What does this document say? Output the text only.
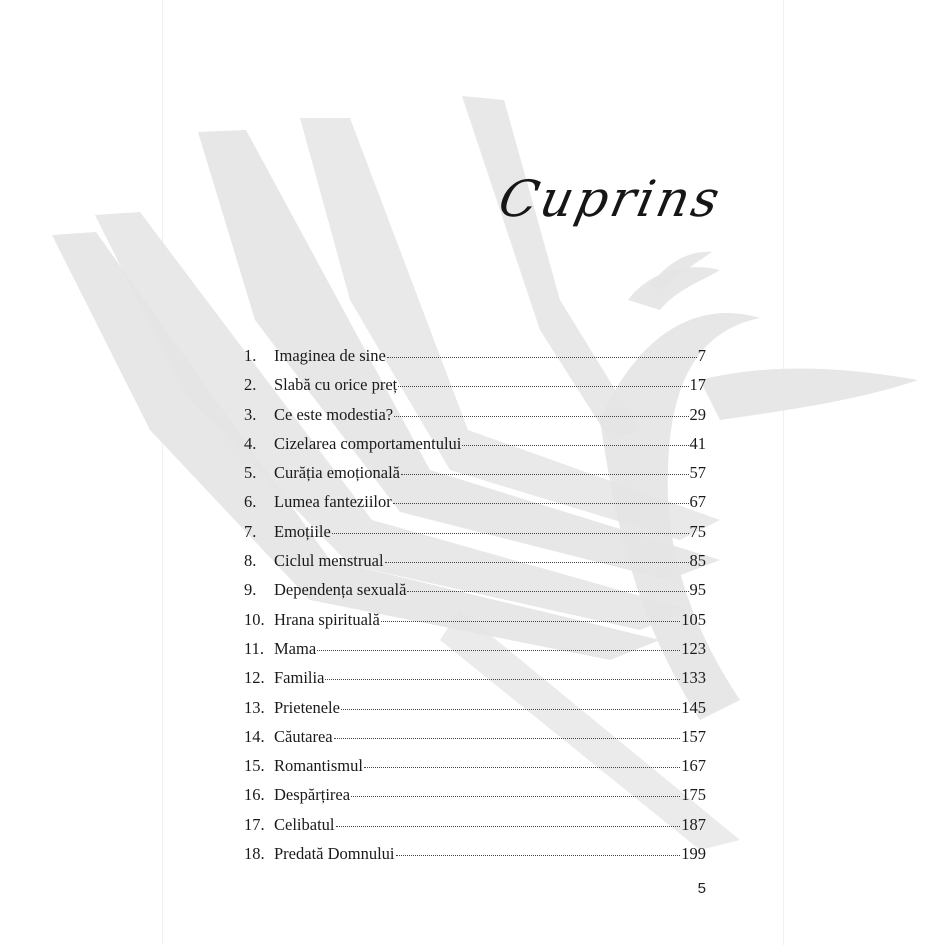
Cuprins
1.	Imaginea de sine	7
2.	Slabă cu orice preț	17
3.	Ce este modestia?	29
4.	Cizelarea comportamentului	41
5.	Curăția emoțională	57
6.	Lumea fanteziilor	67
7.	Emoțiile	75
8.	Ciclul menstrual	85
9.	Dependența sexuală	95
10. Hrana spirituală	105
11. Mama	123
12. Familia	133
13. Prietenele	145
14. Căutarea	157
15. Romantismul	167
16. Despărțirea	175
17. Celibatul	187
18. Predată Domnului	199
5
